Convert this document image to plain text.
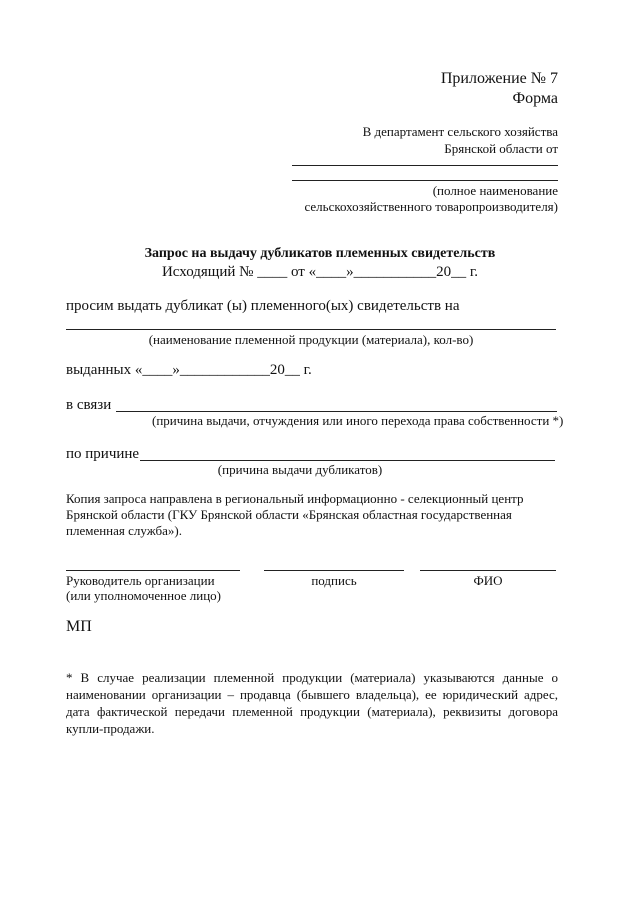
Приложение № 7
Форма
В департамент сельского хозяйства
Брянской области от
(полное наименование
сельскохозяйственного товаропроизводителя)
Запрос на выдачу дубликатов племенных свидетельств
Исходящий № ____ от «____»___________20__ г.
просим выдать дубликат (ы) племенного(ых) свидетельств на
(наименование племенной продукции (материала), кол-во)
выданных «____»____________20__ г.
в связи
(причина выдачи, отчуждения или иного перехода права собственности *)
по причине
(причина выдачи дубликатов)
Копия запроса направлена в региональный информационно - селекционный центр Брянской области (ГКУ Брянской области «Брянская областная государственная племенная служба»).
Руководитель организации
(или уполномоченное лицо)
подпись	ФИО
МП
* В случае реализации племенной продукции (материала) указываются данные о наименовании организации – продавца (бывшего владельца), ее юридический адрес, дата фактической передачи племенной продукции (материала), реквизиты договора купли-продажи.
